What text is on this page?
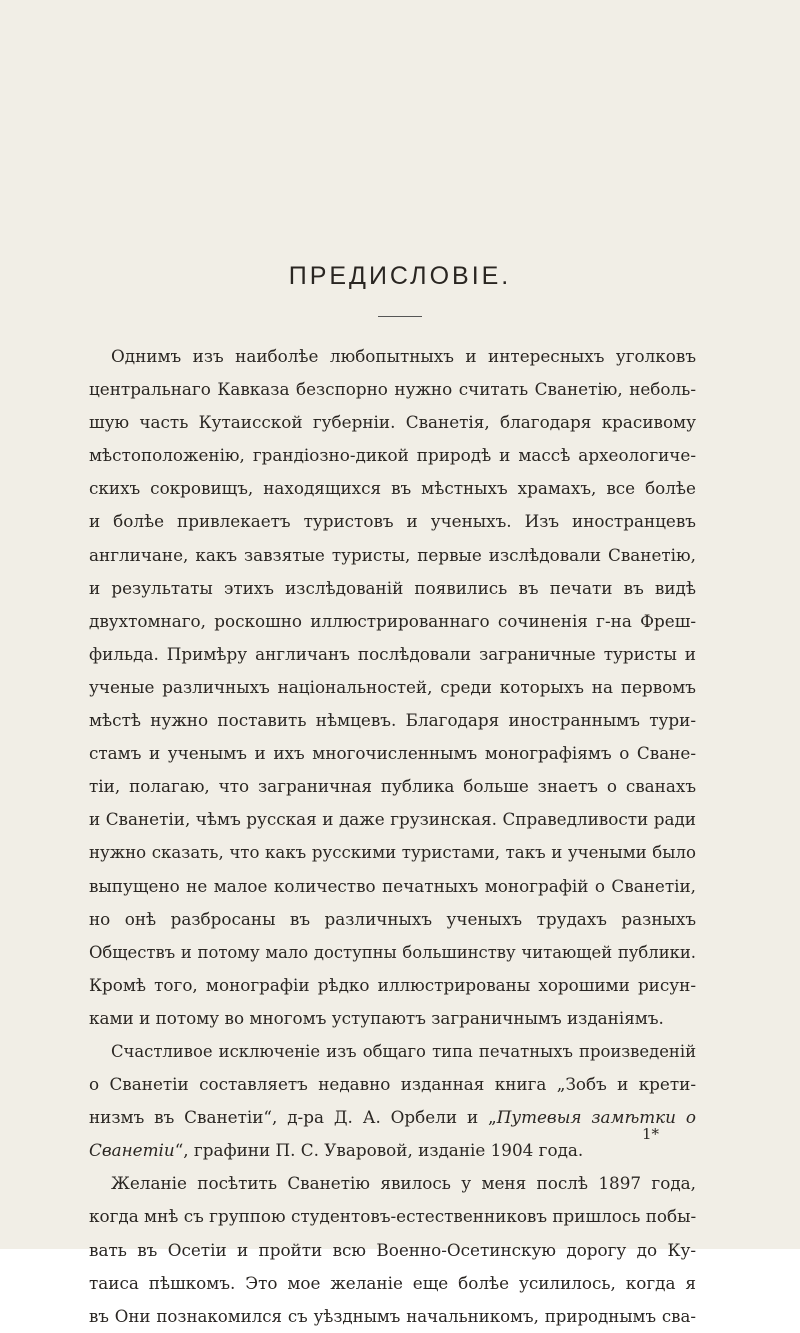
ПРЕДИСЛОВІЕ.
Однимъ изъ наиболѣе любопытныхъ и интересныхъ уголковъ
центральнаго Кавказа безспорно нужно считать Сванетію, неболь-
шую часть Кутаисской губерніи. Сванетія, благодаря красивому
мѣстоположенію, грандіозно-дикой природѣ и массѣ археологиче-
скихъ сокровищъ, находящихся въ мѣстныхъ храмахъ, все болѣе
и болѣе привлекаетъ туристовъ и ученыхъ. Изъ иностранцевъ
англичане, какъ завзятые туристы, первые изслѣдовали Сванетію,
и результаты этихъ изслѣдованій появились въ печати въ видѣ
двухтомнаго, роскошно иллюстрированнаго сочиненія г-на Фреш-
фильда. Примѣру англичанъ послѣдовали заграничные туристы и
ученые различныхъ національностей, среди которыхъ на первомъ
мѣстѣ нужно поставить нѣмцевъ. Благодаря иностраннымъ тури-
стамъ и ученымъ и ихъ многочисленнымъ монографіямъ о Сване-
тіи, полагаю, что заграничная публика больше знаетъ о сванахъ
и Сванетіи, чѣмъ русская и даже грузинская. Справедливости ради
нужно сказать, что какъ русскими туристами, такъ и учеными было
выпущено не малое количество печатныхъ монографій о Сванетіи,
но онѣ разбросаны въ различныхъ ученыхъ трудахъ разныхъ
Обществъ и потому мало доступны большинству читающей публики.
Кромѣ того, монографіи рѣдко иллюстрированы хорошими рисун-
ками и потому во многомъ уступаютъ заграничнымъ изданіямъ.
Счастливое исключеніе изъ общаго типа печатныхъ произведеній
о Сванетіи составляетъ недавно изданная книга „Зобъ и крети-
низмъ въ Сванетіи“, д-ра Д. А. Орбели и „Путевыя замѣтки о
Сванетіи“, графини П. С. Уваровой, изданіе 1904 года.
Желаніе посѣтить Сванетію явилось у меня послѣ 1897 года,
когда мнѣ съ группою студентовъ-естественниковъ пришлось побы-
вать въ Осетіи и пройти всю Военно-Осетинскую дорогу до Ку-
таиса пѣшкомъ. Это мое желаніе еще болѣе усилилось, когда я
въ Они познакомился съ уѣзднымъ начальникомъ, природнымъ сва-
1*
